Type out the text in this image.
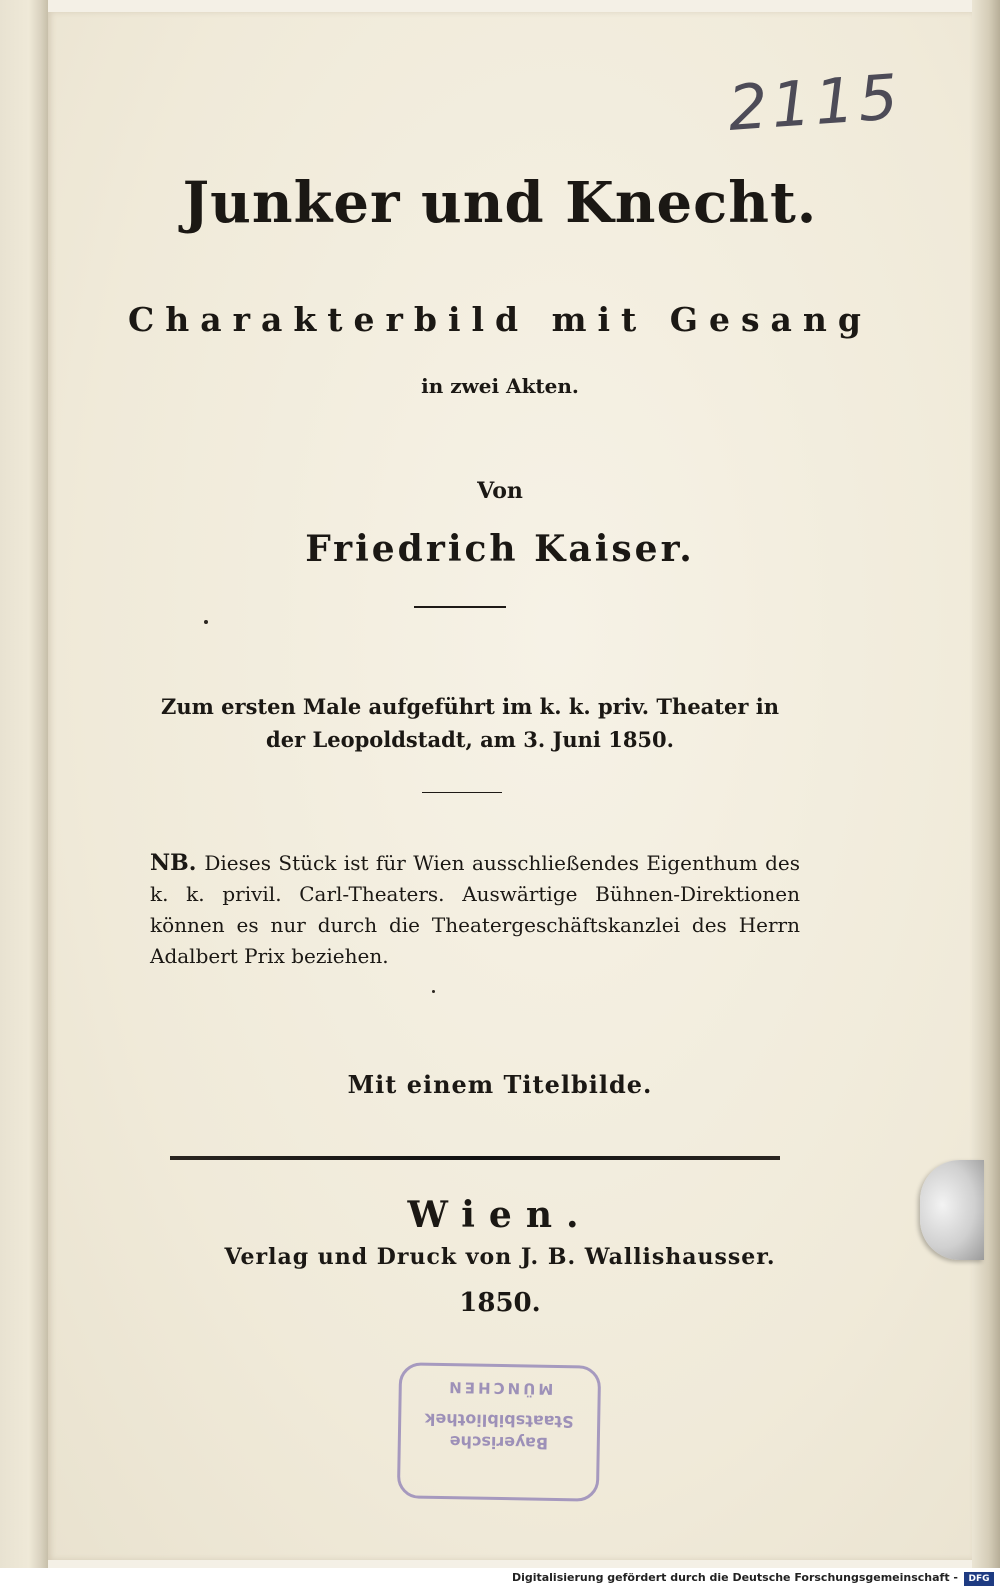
2115
Junker und Knecht.
Charakterbild mit Gesang
in zwei Akten.
Von
Friedrich Kaiser.
Zum ersten Male aufgeführt im k. k. priv. Theater in der Leopoldstadt, am 3. Juni 1850.
NB. Dieses Stück ist für Wien ausschließendes Eigenthum des k. k. privil. Carl-Theaters. Auswärtige Bühnen-Direktionen können es nur durch die Theatergeschäftskanzlei des Herrn Adalbert Prix beziehen.
Mit einem Titelbilde.
Wien.
Verlag und Druck von J. B. Wallishausser.
1850.
Bayerische
Staatsbibliothek
MÜNCHEN
Digitalisierung gefördert durch die Deutsche Forschungsgemeinschaft -	DFG
